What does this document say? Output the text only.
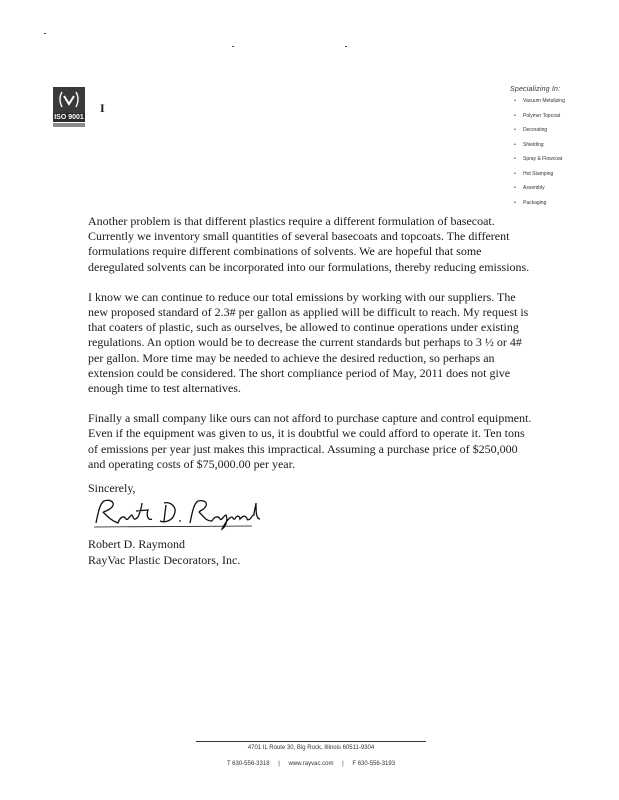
ISO 9001
I
Specializing In:
• Vacuum Metalizing
• Polymer Topcoat
• Decorating
• Shielding
• Spray & Flowcoat
• Hot Stamping
• Assembly
• Packaging

Another problem is that different plastics require a different formulation of basecoat. Currently we inventory small quantities of several basecoats and topcoats. The different formulations require different combinations of solvents. We are hopeful that some deregulated solvents can be incorporated into our formulations, thereby reducing emissions.

I know we can continue to reduce our total emissions by working with our suppliers. The new proposed standard of 2.3# per gallon as applied will be difficult to reach. My request is that coaters of plastic, such as ourselves, be allowed to continue operations under existing regulations. An option would be to decrease the current standards but perhaps to 3 ½ or 4# per gallon. More time may be needed to achieve the desired reduction, so perhaps an extension could be considered. The short compliance period of May, 2011 does not give enough time to test alternatives.

Finally a small company like ours can not afford to purchase capture and control equipment. Even if the equipment was given to us, it is doubtful we could afford to operate it. Ten tons of emissions per year just makes this impractical. Assuming a purchase price of $250,000 and operating costs of $75,000.00 per year.

Sincerely,
Robert D. Raymond
RayVac Plastic Decorators, Inc.
4701 IL Route 30, Big Rock, Illinois 60511-9304
T 630-556-3318 | www.rayvac.com | F 630-556-3193
